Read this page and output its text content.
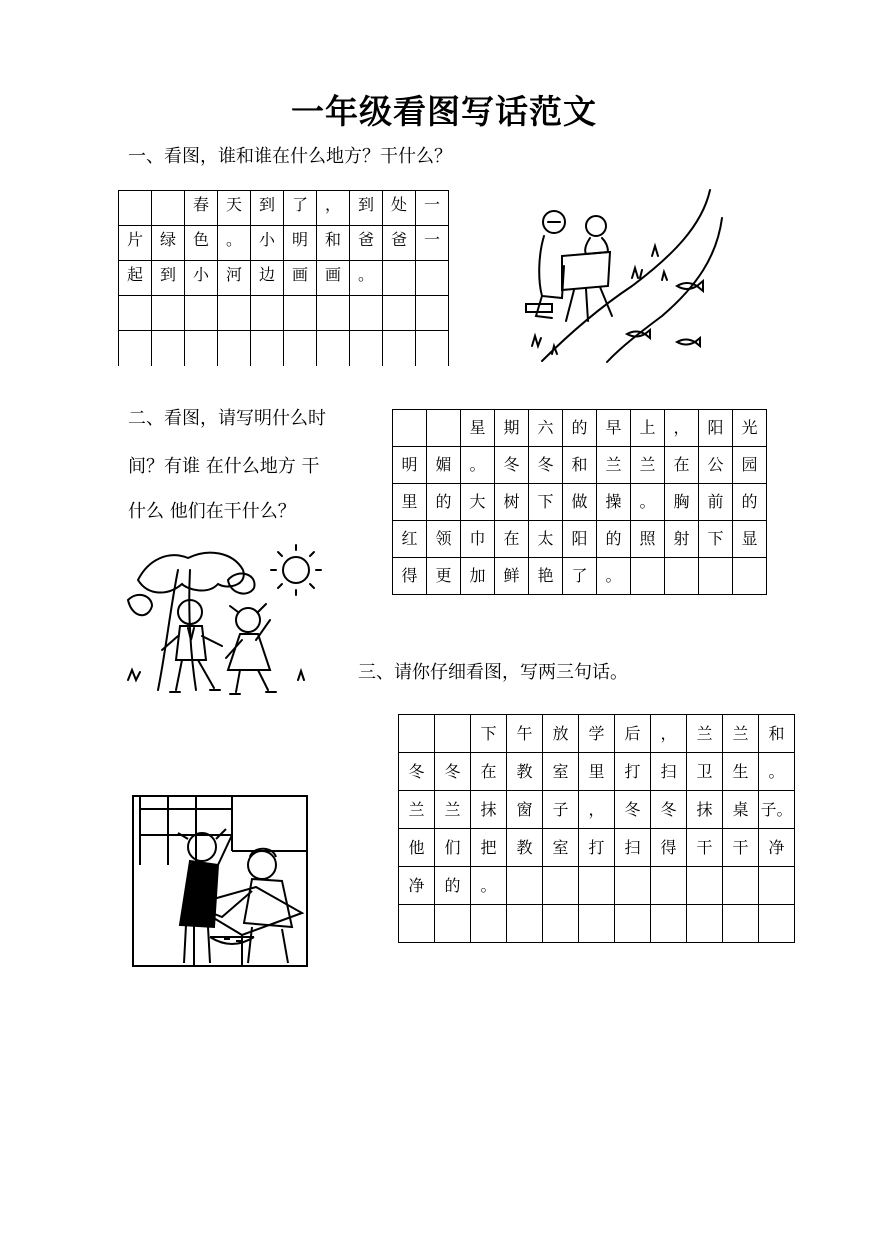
一年级看图写话范文
一、看图，谁和谁在什么地方？干什么？
		春	天	到	了	，	到	处	一
片	绿	色	。	小	明	和	爸	爸	一
起	到	小	河	边	画	画	。		

二、看图，请写明什么时
间？有谁 在什么地方 干
什么 他们在干什么？
		星	期	六	的	早	上	，	阳	光
明	媚	。	冬	冬	和	兰	兰	在	公	园
里	的	大	树	下	做	操	。	胸	前	的
红	领	巾	在	太	阳	的	照	射	下	显
得	更	加	鲜	艳	了	。				
三、请你仔细看图，写两三句话。
		下	午	放	学	后	，	兰	兰	和
冬	冬	在	教	室	里	打	扫	卫	生	。
兰	兰	抹	窗	子	，	冬	冬	抹	桌	子。
他	们	把	教	室	打	扫	得	干	干	净
净	的	。								
